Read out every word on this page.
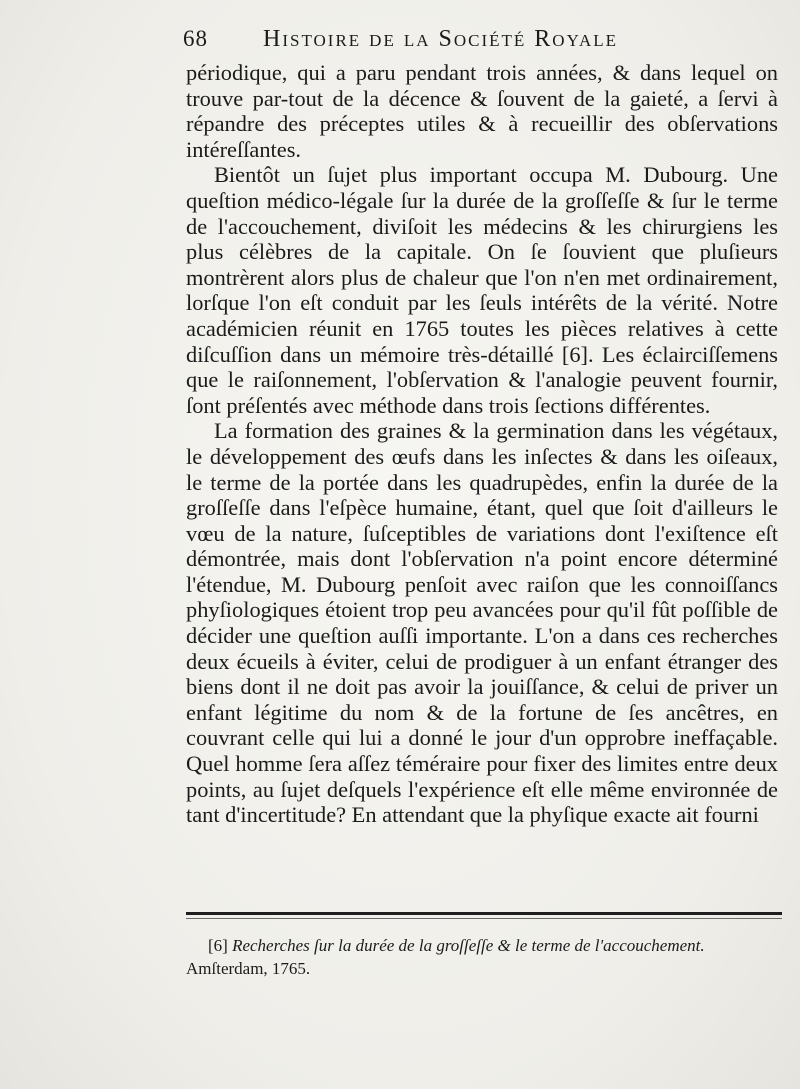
68 Histoire de la Société Royale

périodique, qui a paru pendant trois années, & dans lequel on trouve par-tout de la décence & ſouvent de la gaieté, a ſervi à répandre des préceptes utiles & à recueillir des obſervations intéreſſantes.

Bientôt un ſujet plus important occupa M. Dubourg. Une queſtion médico-légale ſur la durée de la groſſeſſe & ſur le terme de l'accouchement, diviſoit les médecins & les chirurgiens les plus célèbres de la capitale. On ſe ſouvient que pluſieurs montrèrent alors plus de chaleur que l'on n'en met ordinairement, lorſque l'on eſt conduit par les ſeuls intérêts de la vérité. Notre académicien réunit en 1765 toutes les pièces relatives à cette diſcuſſion dans un mémoire très-détaillé [6]. Les éclairciſſemens que le raiſonnement, l'obſervation & l'analogie peuvent fournir, ſont préſentés avec méthode dans trois ſections différentes.

La formation des graines & la germination dans les végétaux, le développement des œufs dans les inſectes & dans les oiſeaux, le terme de la portée dans les quadrupèdes, enfin la durée de la groſſeſſe dans l'eſpèce humaine, étant, quel que ſoit d'ailleurs le vœu de la nature, ſuſceptibles de variations dont l'exiſtence eſt démontrée, mais dont l'obſervation n'a point encore déterminé l'étendue, M. Dubourg penſoit avec raiſon que les connoiſſancs phyſiologiques étoient trop peu avancées pour qu'il fût poſſible de décider une queſtion auſſi importante. L'on a dans ces recherches deux écueils à éviter, celui de prodiguer à un enfant étranger des biens dont il ne doit pas avoir la jouiſſance, & celui de priver un enfant légitime du nom & de la fortune de ſes ancêtres, en couvrant celle qui lui a donné le jour d'un opprobre ineffaçable. Quel homme ſera aſſez téméraire pour fixer des limites entre deux points, au ſujet deſquels l'expérience eſt elle même environnée de tant d'incertitude? En attendant que la phyſique exacte ait fourni

[6] Recherches ſur la durée de la groſſeſſe & le terme de l'accouchement. Amſterdam, 1765.
